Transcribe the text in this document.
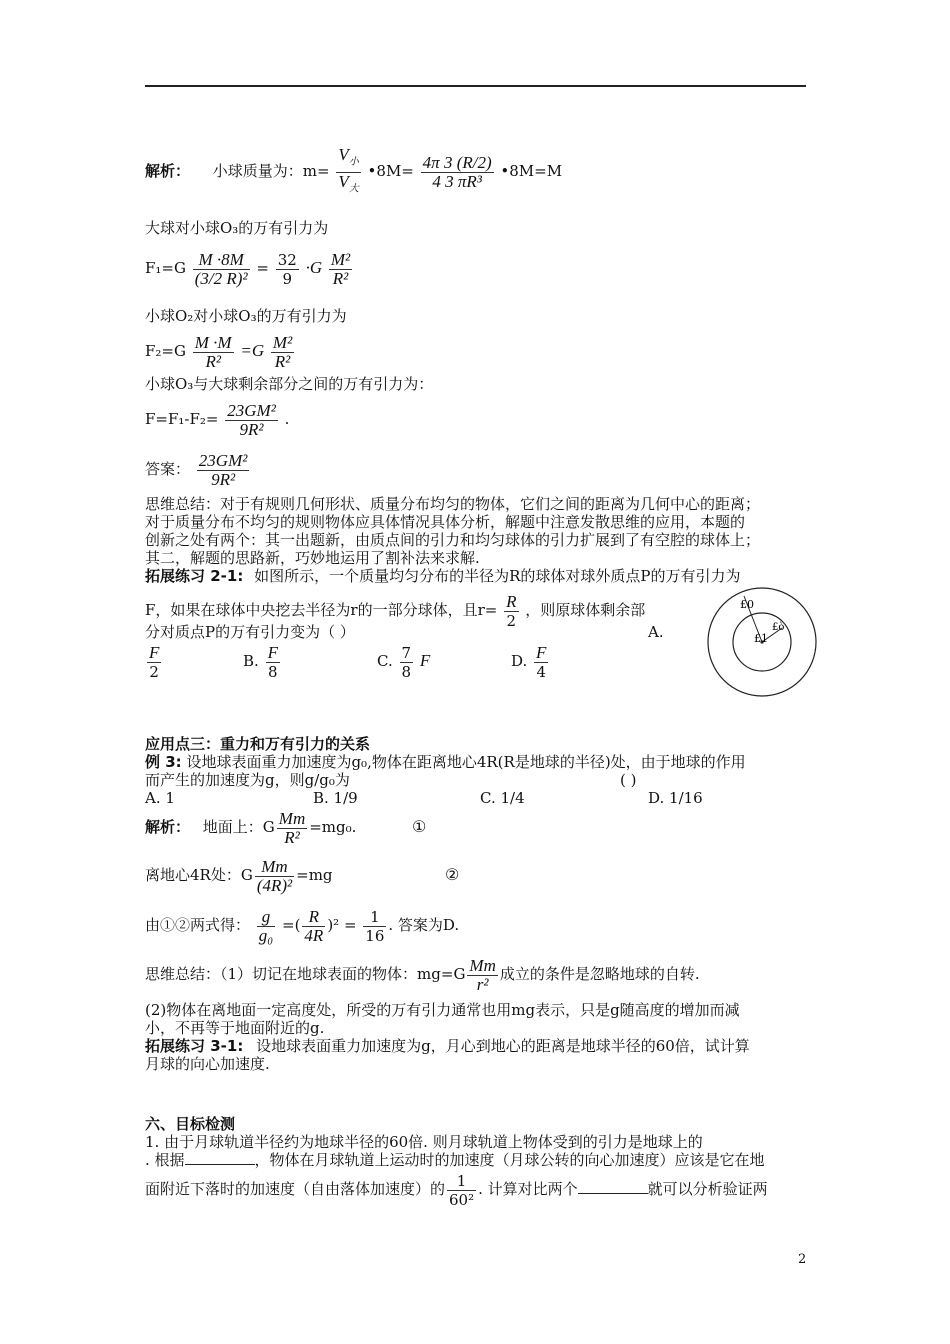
解析： 小球质量为：$m= \frac{V_小}{V_大}$ •8M= $\frac{4\pi 3 (R/2)}{\text{4 3 πR³}}$ •8M=M
大球对小球O₃的万有引力为
$F_1=G \frac{M \cdot 8M}{\text{(3/2 R)²}} = \frac{32}{9} \cdot G \frac{\text{M²}}{\text{R²}}$
小球O₂对小球O₃的万有引力为
$F_2=G \frac{M \cdot M}{\text{R²}} =G \frac{\text{M²}}{\text{R²}}$
小球O₃与大球剩余部分之间的万有引力为：
$F=F_1-F_2= \frac{\text{23GM²}}{\text{9R²}}$ .
答案： $\frac{\text{23GM²}}{\text{9R²}}$
思维总结：对于有规则几何形状、质量分布均匀的物体，它们之间的距离为几何中心的距离；
对于质量分布不均匀的规则物体应具体情况具体分析，解题中注意发散思维的应用，本题的
创新之处有两个：其一出题新，由质点间的引力和均匀球体的引力扩展到了有空腔的球体上；
其二，解题的思路新，巧妙地运用了割补法来求解.
拓展练习 2-1: 如图所示，一个质量均匀分布的半径为R的球体对球外质点P的万有引力为
F，如果在球体中央挖去半径为r的一部分球体，且$r= \frac{R}{2}$ ，则原球体剩余部
分对质点P的万有引力变为（ ）	A.
$\frac{F}{2}$	B. $\frac{F}{8}$	C. $\frac{7}{8}$ F	D. $\frac{F}{4}$
£0
£ò
£1
应用点三：重力和万有引力的关系
例 3: 设地球表面重力加速度为g₀,物体在距离地心4R(R是地球的半径)处，由于地球的作用
而产生的加速度为g，则g/g₀为	( )
A. 1	B. 1/9	C. 1/4	D. 1/16
解析： 地面上：G $\frac{Mm}{\text{R²}} =mg_0$.	①
离地心4R处：G $\frac{Mm}{\text{(4R)²}} =mg$	②
由①②两式得： $\frac{g}{\text{g₀}}$ =( $\frac{R}{4R} )^2 = \frac{1}{16}$ . 答案为D.
思维总结：（1）切记在地球表面的物体：$mg=G \frac{Mm}{\text{r²}}$ 成立的条件是忽略地球的自转.
(2)物体在离地面一定高度处，所受的万有引力通常也用mg表示，只是g随高度的增加而减
小，不再等于地面附近的g.
拓展练习 3-1: 设地球表面重力加速度为g，月心到地心的距离是地球半径的60倍，试计算
月球的向心加速度.
六、目标检测
1. 由于月球轨道半径约为地球半径的60倍. 则月球轨道上物体受到的引力是地球上的
. 根据	，物体在月球轨道上运动时的加速度（月球公转的向心加速度）应该是它在地
面附近下落时的加速度（自由落体加速度）的 $\frac{1}{\text{60²}}$ . 计算对比两个	就可以分析验证两
2
